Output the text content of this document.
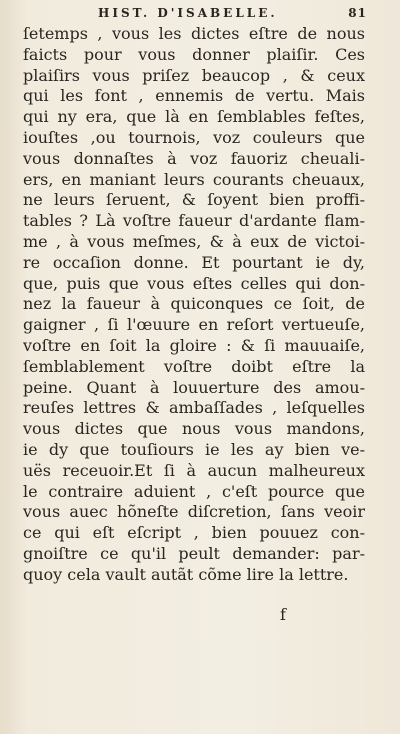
HIST. D'ISABELLE.	81
ſetemps , vous les dictes eſtre de nous
faicts pour vous donner plaiſir. Ces
plaiſirs vous priſez beaucop , & ceux
qui les font , ennemis de vertu. Mais
qui ny era, que là en ſemblables feſtes,
iouſtes ,ou tournois, voz couleurs que
vous donnaſtes à voz fauoriz cheuali-
ers, en maniant leurs courants cheuaux,
ne leurs ſeruent, & ſoyent bien proffi-
tables ? Là voſtre faueur d'ardante flam-
me , à vous meſmes, & à eux de victoi-
re occaſion donne. Et pourtant ie dy,
que, puis que vous eſtes celles qui don-
nez la faueur à quiconques ce ſoit, de
gaigner , ſi l'œuure en reſort vertueuſe,
voſtre en ſoit la gloire : & ſi mauuaiſe,
ſemblablement voſtre doibt eſtre la
peine. Quant à louuerture des amou-
reuſes lettres & ambaſſades , leſquelles
vous dictes que nous vous mandons,
ie dy que touſiours ie les ay bien ve-
uës receuoir.Et ſi à aucun malheureux
le contraire aduient , c'eſt pource que
vous auec hõneſte diſcretion, ſans veoir
ce qui eſt eſcript , bien pouuez con-
gnoiſtre ce qu'il peult demander: par-
quoy cela vault autãt cõme lire la lettre.
f
